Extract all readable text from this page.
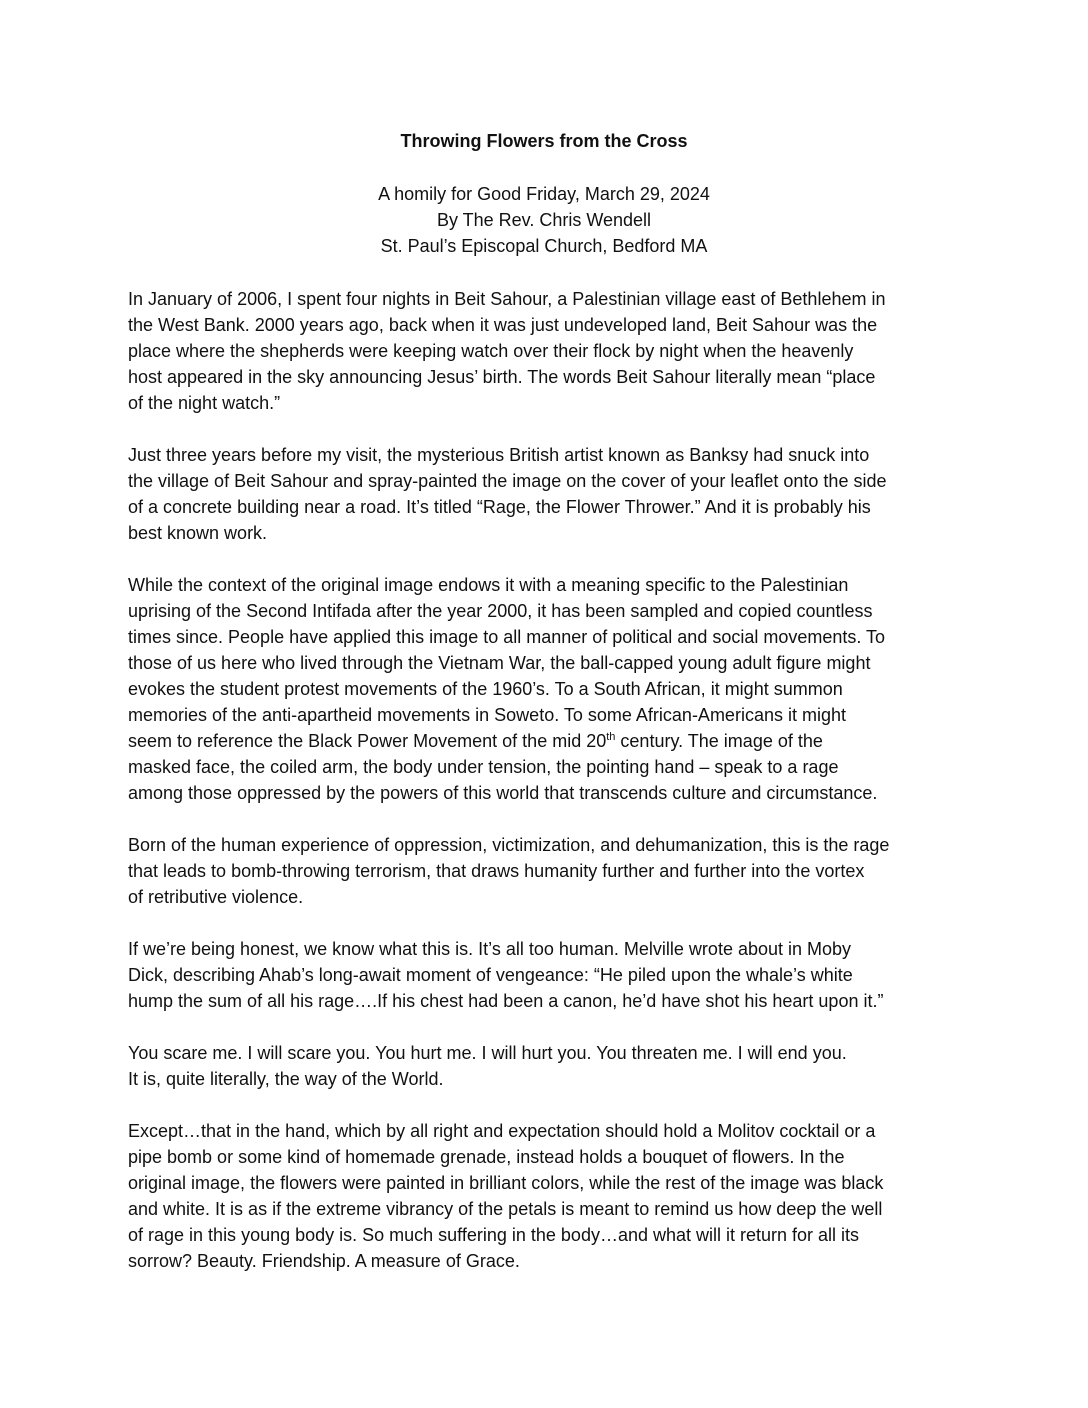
Throwing Flowers from the Cross
A homily for Good Friday, March 29, 2024
By The Rev. Chris Wendell
St. Paul’s Episcopal Church, Bedford MA

In January of 2006, I spent four nights in Beit Sahour, a Palestinian village east of Bethlehem in
the West Bank. 2000 years ago, back when it was just undeveloped land, Beit Sahour was the
place where the shepherds were keeping watch over their flock by night when the heavenly
host appeared in the sky announcing Jesus’ birth. The words Beit Sahour literally mean “place
of the night watch.”

Just three years before my visit, the mysterious British artist known as Banksy had snuck into
the village of Beit Sahour and spray-painted the image on the cover of your leaflet onto the side
of a concrete building near a road. It’s titled “Rage, the Flower Thrower.” And it is probably his
best known work.

While the context of the original image endows it with a meaning specific to the Palestinian
uprising of the Second Intifada after the year 2000, it has been sampled and copied countless
times since. People have applied this image to all manner of political and social movements. To
those of us here who lived through the Vietnam War, the ball-capped young adult figure might
evokes the student protest movements of the 1960’s. To a South African, it might summon
memories of the anti-apartheid movements in Soweto. To some African-Americans it might
seem to reference the Black Power Movement of the mid 20th century. The image of the
masked face, the coiled arm, the body under tension, the pointing hand – speak to a rage
among those oppressed by the powers of this world that transcends culture and circumstance.

Born of the human experience of oppression, victimization, and dehumanization, this is the rage
that leads to bomb-throwing terrorism, that draws humanity further and further into the vortex
of retributive violence.

If we’re being honest, we know what this is. It’s all too human. Melville wrote about in Moby
Dick, describing Ahab’s long-await moment of vengeance: “He piled upon the whale’s white
hump the sum of all his rage….If his chest had been a canon, he’d have shot his heart upon it.”

You scare me. I will scare you. You hurt me. I will hurt you. You threaten me. I will end you.
It is, quite literally, the way of the World.

Except…that in the hand, which by all right and expectation should hold a Molitov cocktail or a
pipe bomb or some kind of homemade grenade, instead holds a bouquet of flowers. In the
original image, the flowers were painted in brilliant colors, while the rest of the image was black
and white. It is as if the extreme vibrancy of the petals is meant to remind us how deep the well
of rage in this young body is. So much suffering in the body…and what will it return for all its
sorrow? Beauty. Friendship. A measure of Grace.
